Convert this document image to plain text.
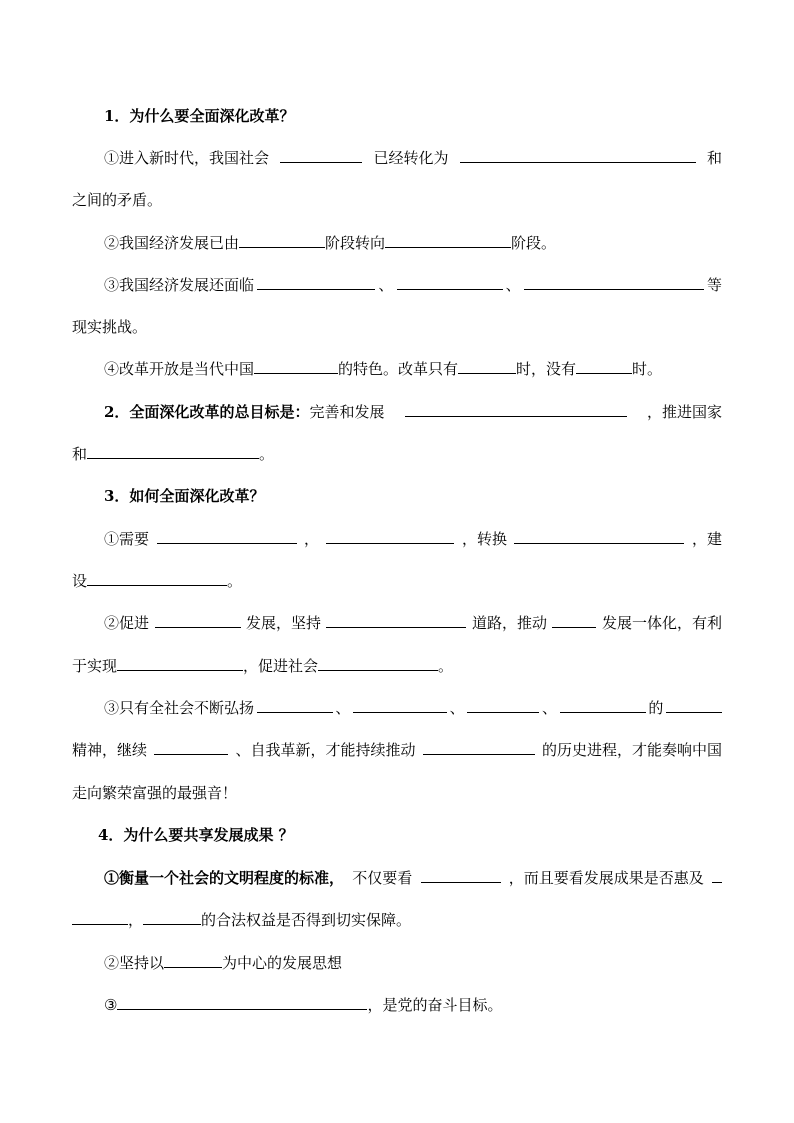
1．为什么要全面深化改革？
①进入新时代，我国社会	已经转化为	和
之间的矛盾。
②我国经济发展已由	阶段转向	阶段。
③我国经济发展还面临	、	、	等
现实挑战。
④改革开放是当代中国	的特色。改革只有	时，没有	时。
2．全面深化改革的总目标是：完善和发展	，推进国家
和	。
3．如何全面深化改革？
①需要	，	，转换	，建
设	。
②促进	发展，坚持	道路，推动	发展一体化，有利
于实现	，促进社会	。
③只有全社会不断弘扬	、	、	、	的
精神，继续	、自我革新，才能持续推动	的历史进程，才能奏响中国
走向繁荣富强的最强音！
4．为什么要共享发展成果 ？
①衡量一个社会的文明程度的标准， 不仅要看	，而且要看发展成果是否惠及
，	的合法权益是否得到切实保障。
②坚持以	为中心的发展思想
③	，是党的奋斗目标。
